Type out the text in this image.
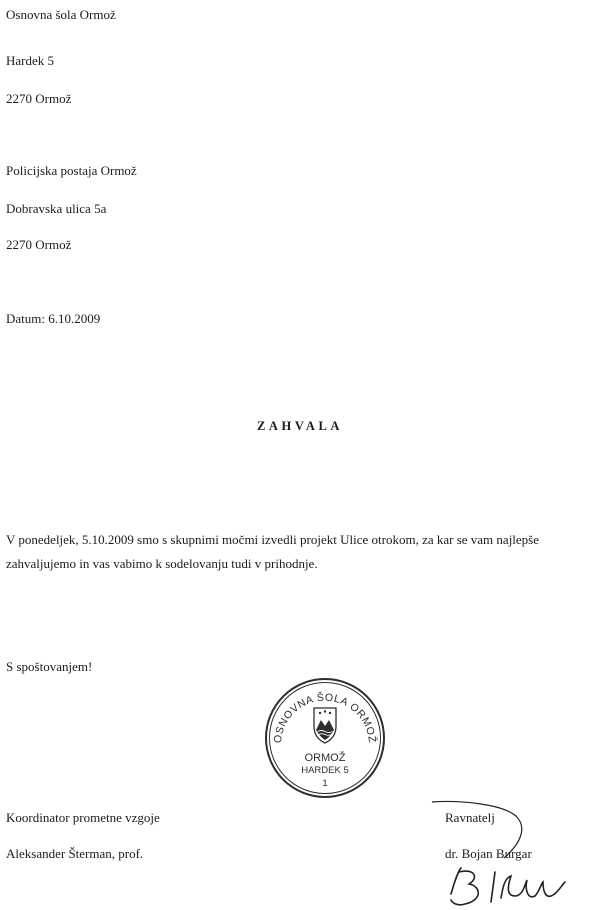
Osnovna šola Ormož
Hardek 5
2270 Ormož
Policijska postaja Ormož
Dobravska ulica 5a
2270 Ormož
Datum: 6.10.2009
ZAHVALA
V ponedeljek, 5.10.2009 smo s skupnimi močmi izvedli projekt Ulice otrokom, za kar se vam najlepše zahvaljujemo in vas vabimo k sodelovanju tudi v prihodnje.
S spoštovanjem!
OSNOVNA ŠOLA ORMOŽ
ORMOŽ
HARDEK 5
1
Koordinator prometne vzgoje
Aleksander Šterman, prof.
Ravnatelj
dr. Bojan Burgar
